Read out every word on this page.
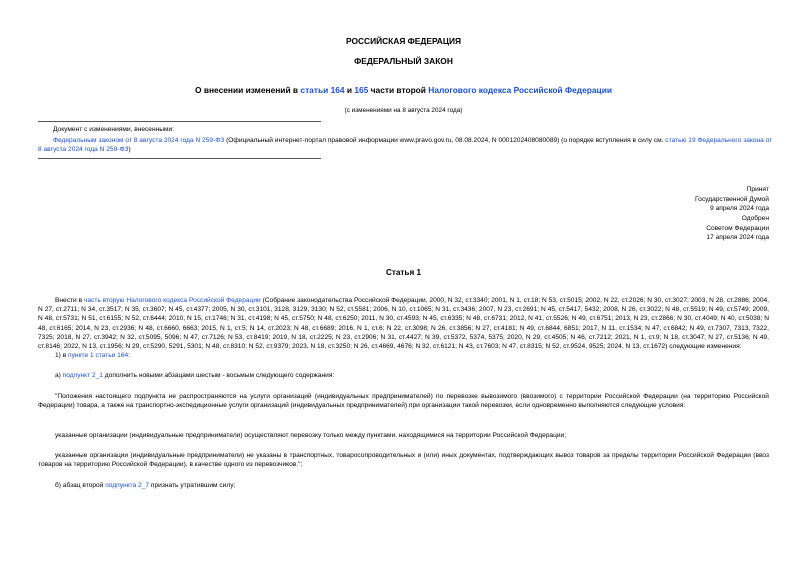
РОССИЙСКАЯ ФЕДЕРАЦИЯ
ФЕДЕРАЛЬНЫЙ ЗАКОН
О внесении изменений в статьи 164 и 165 части второй Налогового кодекса Российской Федерации
(с изменениями на 8 августа 2024 года)
Документ с изменениями, внесенными:
Федеральным законом от 8 августа 2024 года N 259-ФЗ (Официальный интернет-портал правовой информации www.pravo.gov.ru, 08.08.2024, N 0001202408080089) (о порядке вступления в силу см. статью 19 Федерального закона от 8 августа 2024 года N 259-ФЗ)
Принят
Государственной Думой
9 апреля 2024 года
Одобрен
Советом Федерации
17 апреля 2024 года
Статья 1
Внести в часть вторую Налогового кодекса Российской Федерации (Собрание законодательства Российской Федерации, 2000, N 32, ст.3340; 2001, N 1, ст.18; N 53, ст.5015; 2002, N 22, ст.2026; N 30, ст.3027; 2003, N 28, ст.2886; 2004, N 27, ст.2711; N 34, ст.3517; N 35, ст.3607; N 45, ст.4377; 2005, N 30, ст.3101, 3128, 3129, 3130; N 52, ст.5581; 2006, N 10, ст.1065; N 31, ст.3436; 2007, N 23, ст.2691; N 45, ст.5417, 5432; 2008, N 26, ст.3022; N 48, ст.5519; N 49, ст.5749; 2009, N 48, ст.5731; N 51, ст.6155; N 52, ст.6444; 2010, N 15, ст.1746; N 31, ст.4198; N 45, ст.5750; N 48, ст.6250; 2011, N 30, ст.4593; N 45, ст.6335; N 48, ст.6731; 2012, N 41, ст.5526; N 49, ст.6751; 2013, N 23, ст.2866; N 30, ст.4049; N 40, ст.5038; N 48, ст.6165; 2014, N 23, ст.2936; N 48, ст.6660, 6663; 2015, N 1, ст.5; N 14, ст.2023; N 48, ст.6689; 2016, N 1, ст.6; N 22, ст.3098; N 26, ст.3856; N 27, ст.4181; N 49, ст.6844, 6851; 2017, N 11, ст.1534; N 47, ст.6842; N 49, ст.7307, 7313, 7322, 7325; 2018, N 27, ст.3942; N 32, ст.5095, 5096; N 47, ст.7126; N 53, ст.8419; 2019, N 18, ст.2225; N 23, ст.2906; N 31, ст.4427; N 39, ст.5372, 5374, 5375; 2020, N 29, ст.4505; N 46, ст.7212; 2021, N 1, ст.9; N 18, ст.3047; N 27, ст.5136; N 49, ст.8146; 2022, N 13, ст.1956; N 29, ст.5290, 5291, 5301; N 48, ст.8310; N 52, ст.9379; 2023, N 18, ст.3250; N 26, ст.4669, 4676; N 32, ст.6121; N 43, ст.7603; N 47, ст.8315; N 52, ст.9524, 9525; 2024, N 13, ст.1672) следующие изменения:
1) в пункте 1 статьи 164:
а) подпункт 2_1 дополнить новыми абзацами шестым - восьмым следующего содержания:
"Положения настоящего подпункта не распространяются на услуги организаций (индивидуальных предпринимателей) по перевозке вывозимого (ввозимого) с территории Российской Федерации (на территорию Российской Федерации) товара, а также на транспортно-экспедиционные услуги организаций (индивидуальных предпринимателей) при организации такой перевозки, если одновременно выполняются следующие условия:
указанные организации (индивидуальные предприниматели) осуществляют перевозку только между пунктами, находящимися на территории Российской Федерации;
указанные организации (индивидуальные предприниматели) не указаны в транспортных, товаросопроводительных и (или) иных документах, подтверждающих вывоз товаров за пределы территории Российской Федерации (ввоз товаров на территорию Российской Федерации), в качестве одного из перевозчиков.";
б) абзац второй подпункта 2_7 признать утратившим силу;
